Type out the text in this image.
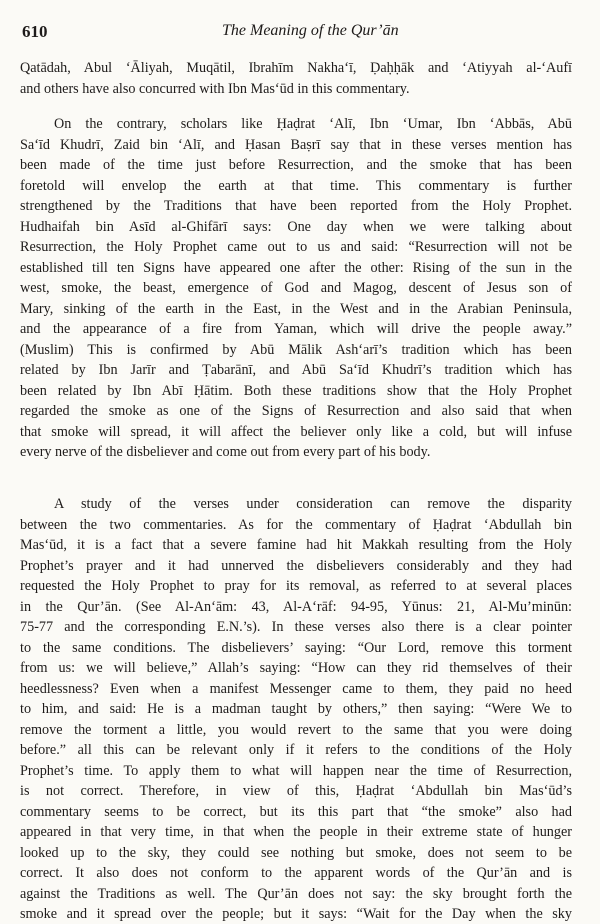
610	The Meaning of the Qur’ān
Qatādah, Abul ‘Āliyah, Muqātil, Ibrahīm Nakha‘ī, Ḍaḥḥāk and ‘Atiyyah al-‘Aufī
and others have also concurred with Ibn Mas‘ūd in this commentary.
On the contrary, scholars like Ḥaḍrat ‘Alī, Ibn ‘Umar, Ibn ‘Abbās, Abū
Sa‘īd Khudrī, Zaid bin ‘Alī, and Ḥasan Baṣrī say that in these verses mention has
been made of the time just before Resurrection, and the smoke that has been
foretold will envelop the earth at that time. This commentary is further
strengthened by the Traditions that have been reported from the Holy Prophet.
Hudhaifah bin Asīd al-Ghifārī says: One day when we were talking about
Resurrection, the Holy Prophet came out to us and said: “Resurrection will not be
established till ten Signs have appeared one after the other: Rising of the sun in the
west, smoke, the beast, emergence of God and Magog, descent of Jesus son of
Mary, sinking of the earth in the East, in the West and in the Arabian Peninsula,
and the appearance of a fire from Yaman, which will drive the people away.”
(Muslim) This is confirmed by Abū Mālik Ash‘arī’s tradition which has been
related by Ibn Jarīr and Ṭabarānī, and Abū Sa‘īd Khudrī’s tradition which has
been related by Ibn Abī Ḥātim. Both these traditions show that the Holy Prophet
regarded the smoke as one of the Signs of Resurrection and also said that when
that smoke will spread, it will affect the believer only like a cold, but will infuse
every nerve of the disbeliever and come out from every part of his body.
A study of the verses under consideration can remove the disparity
between the two commentaries. As for the commentary of Ḥaḍrat ‘Abdullah bin
Mas‘ūd, it is a fact that a severe famine had hit Makkah resulting from the Holy
Prophet’s prayer and it had unnerved the disbelievers considerably and they had
requested the Holy Prophet to pray for its removal, as referred to at several places
in the Qur’ān. (See Al-An‘ām: 43, Al-A‘rāf: 94-95, Yūnus: 21, Al-Mu’minūn:
75-77 and the corresponding E.N.’s). In these verses also there is a clear pointer
to the same conditions. The disbelievers’ saying: “Our Lord, remove this torment
from us: we will believe,” Allah’s saying: “How can they rid themselves of their
heedlessness? Even when a manifest Messenger came to them, they paid no heed
to him, and said: He is a madman taught by others,” then saying: “Were We to
remove the torment a little, you would revert to the same that you were doing
before.” all this can be relevant only if it refers to the conditions of the Holy
Prophet’s time. To apply them to what will happen near the time of Resurrection,
is not correct. Therefore, in view of this, Ḥaḍrat ‘Abdullah bin Mas‘ūd’s
commentary seems to be correct, but its this part that “the smoke” also had
appeared in that very time, in that when the people in their extreme state of hunger
looked up to the sky, they could see nothing but smoke, does not seem to be
correct. It also does not conform to the apparent words of the Qur’ān and is
against the Traditions as well. The Qur’ān does not say: the sky brought forth the
smoke and it spread over the people; but it says: “Wait for the Day when the sky
